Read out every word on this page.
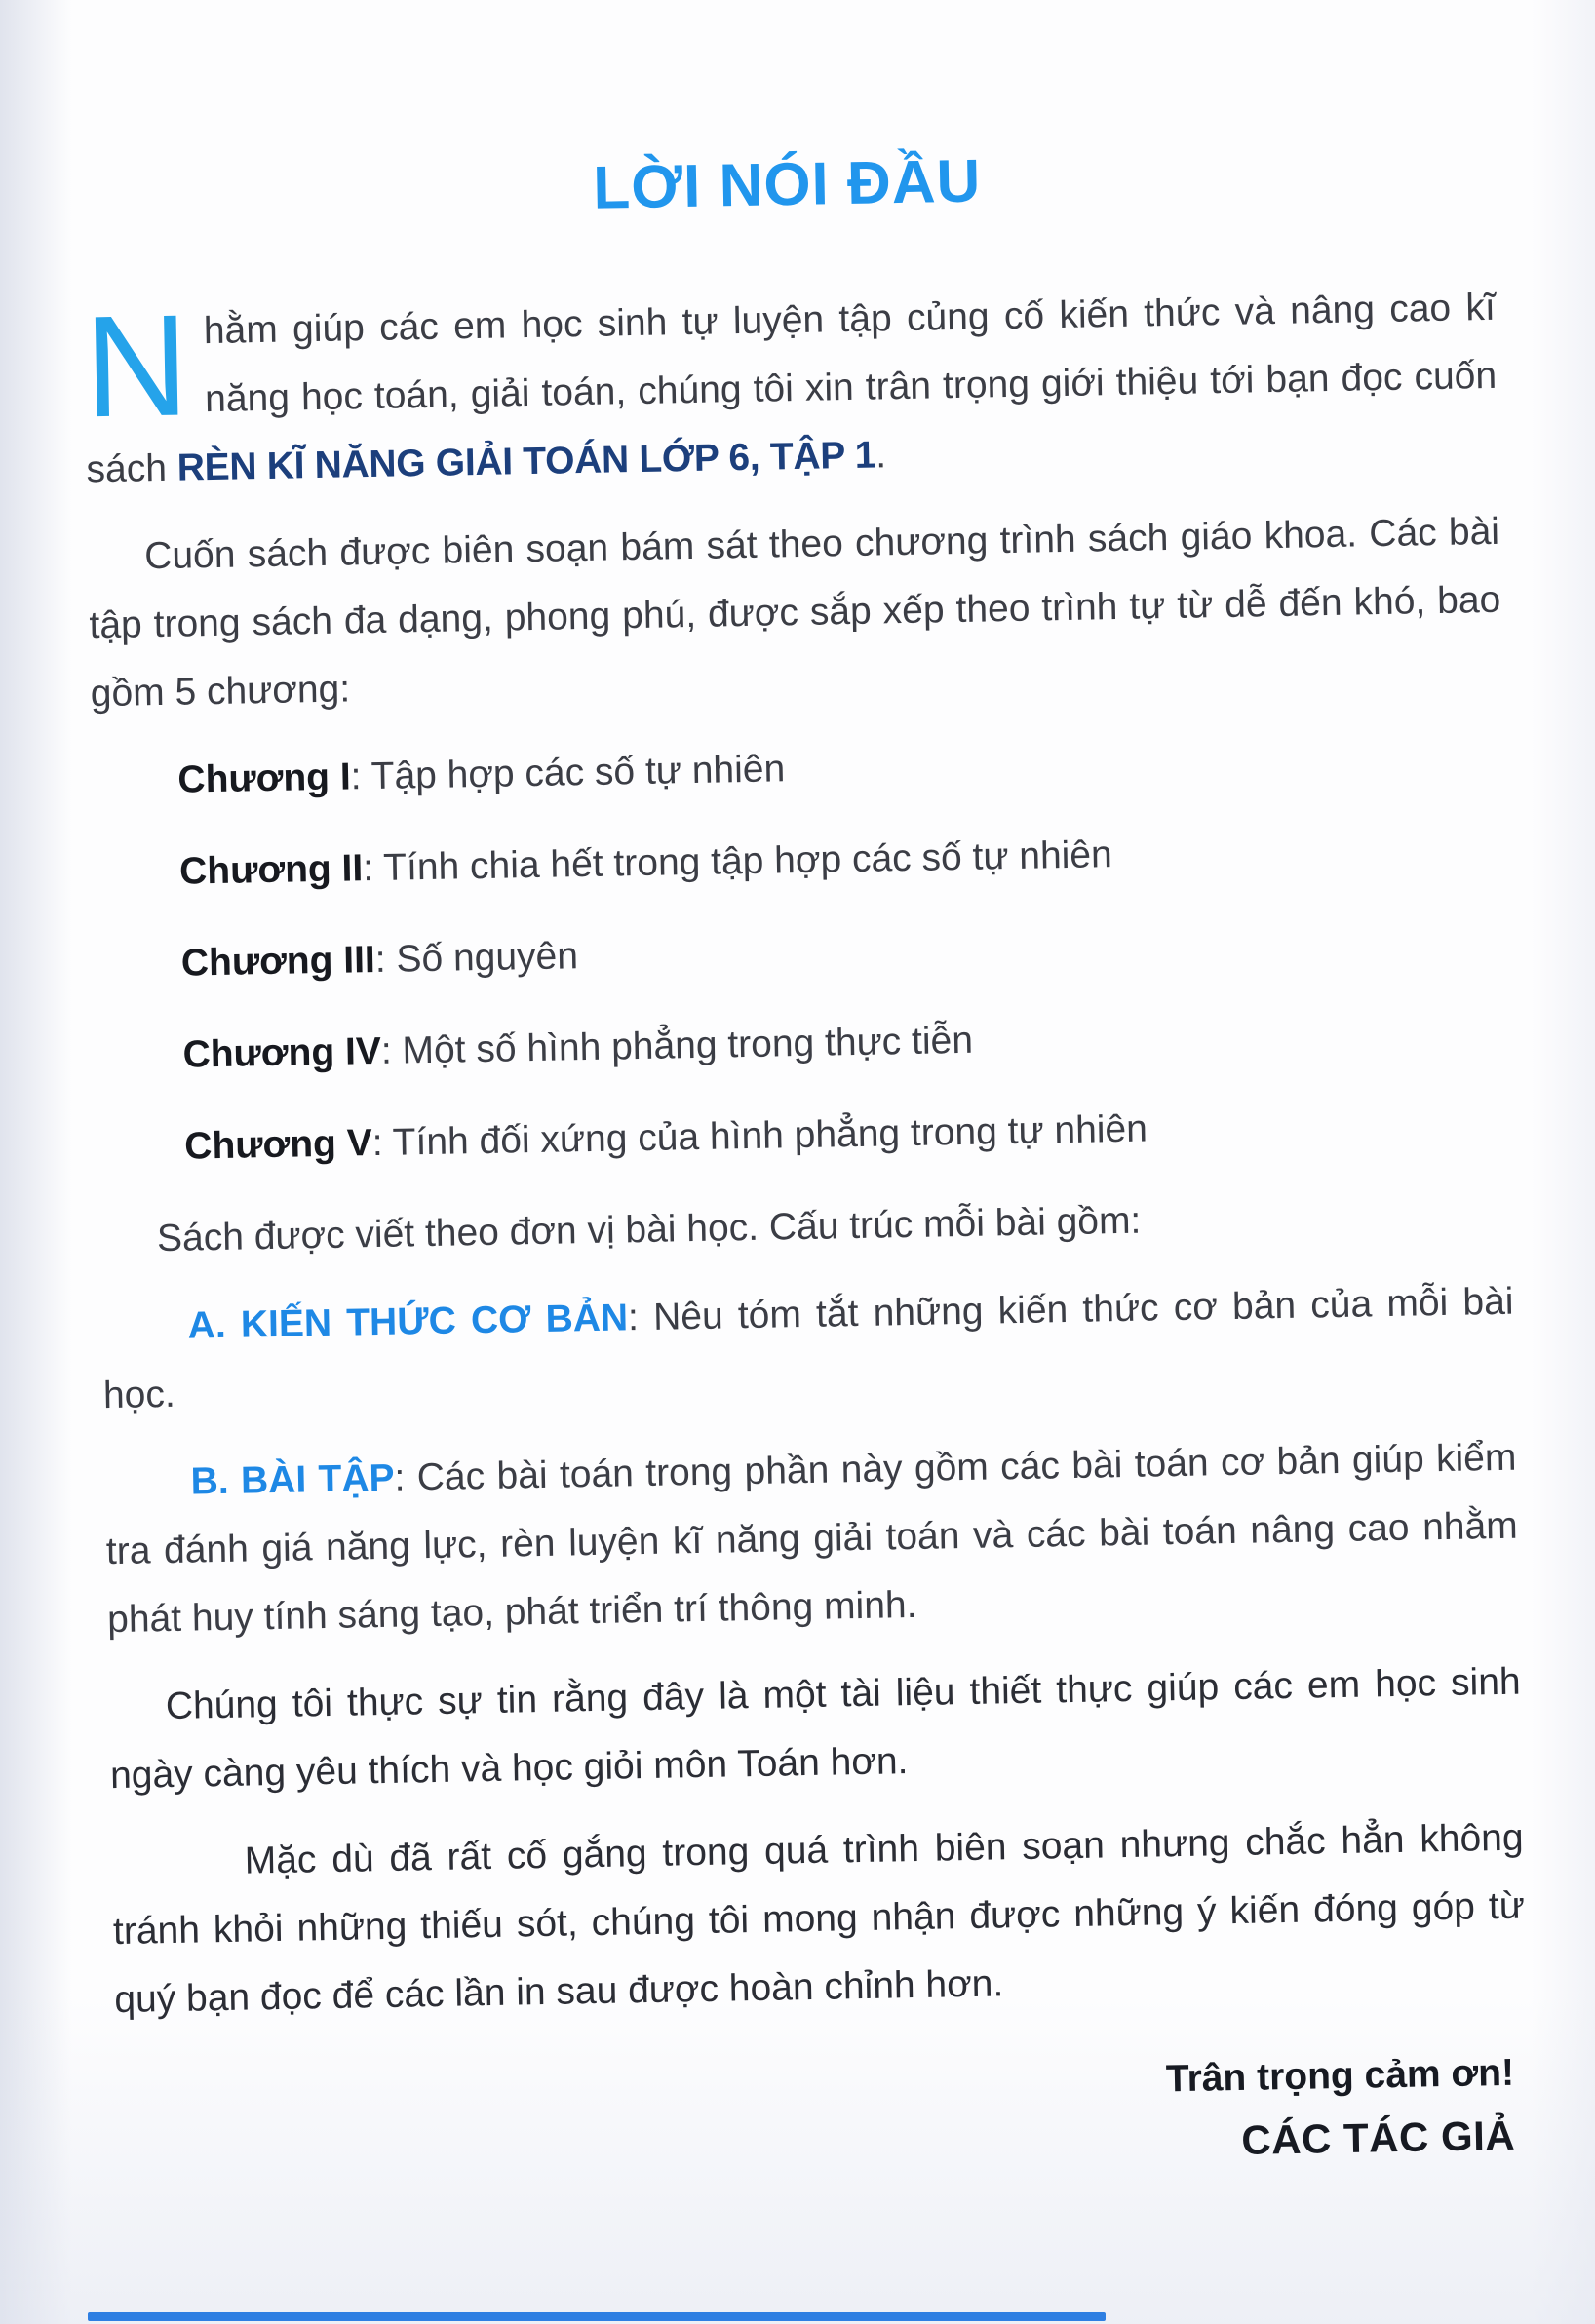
LỜI NÓI ĐẦU

Nhằm giúp các em học sinh tự luyện tập củng cố kiến thức và nâng cao kĩ năng học toán, giải toán, chúng tôi xin trân trọng giới thiệu tới bạn đọc cuốn sách RÈN KĨ NĂNG GIẢI TOÁN LỚP 6, TẬP 1.

Cuốn sách được biên soạn bám sát theo chương trình sách giáo khoa. Các bài tập trong sách đa dạng, phong phú, được sắp xếp theo trình tự từ dễ đến khó, bao gồm 5 chương:

Chương I: Tập hợp các số tự nhiên

Chương II: Tính chia hết trong tập hợp các số tự nhiên

Chương III: Số nguyên

Chương IV: Một số hình phẳng trong thực tiễn

Chương V: Tính đối xứng của hình phẳng trong tự nhiên

Sách được viết theo đơn vị bài học. Cấu trúc mỗi bài gồm:

A. KIẾN THỨC CƠ BẢN: Nêu tóm tắt những kiến thức cơ bản của mỗi bài học.

B. BÀI TẬP: Các bài toán trong phần này gồm các bài toán cơ bản giúp kiểm tra đánh giá năng lực, rèn luyện kĩ năng giải toán và các bài toán nâng cao nhằm phát huy tính sáng tạo, phát triển trí thông minh.

Chúng tôi thực sự tin rằng đây là một tài liệu thiết thực giúp các em học sinh ngày càng yêu thích và học giỏi môn Toán hơn.

Mặc dù đã rất cố gắng trong quá trình biên soạn nhưng chắc hẳn không tránh khỏi những thiếu sót, chúng tôi mong nhận được những ý kiến đóng góp từ quý bạn đọc để các lần in sau được hoàn chỉnh hơn.

Trân trọng cảm ơn!
CÁC TÁC GIẢ
